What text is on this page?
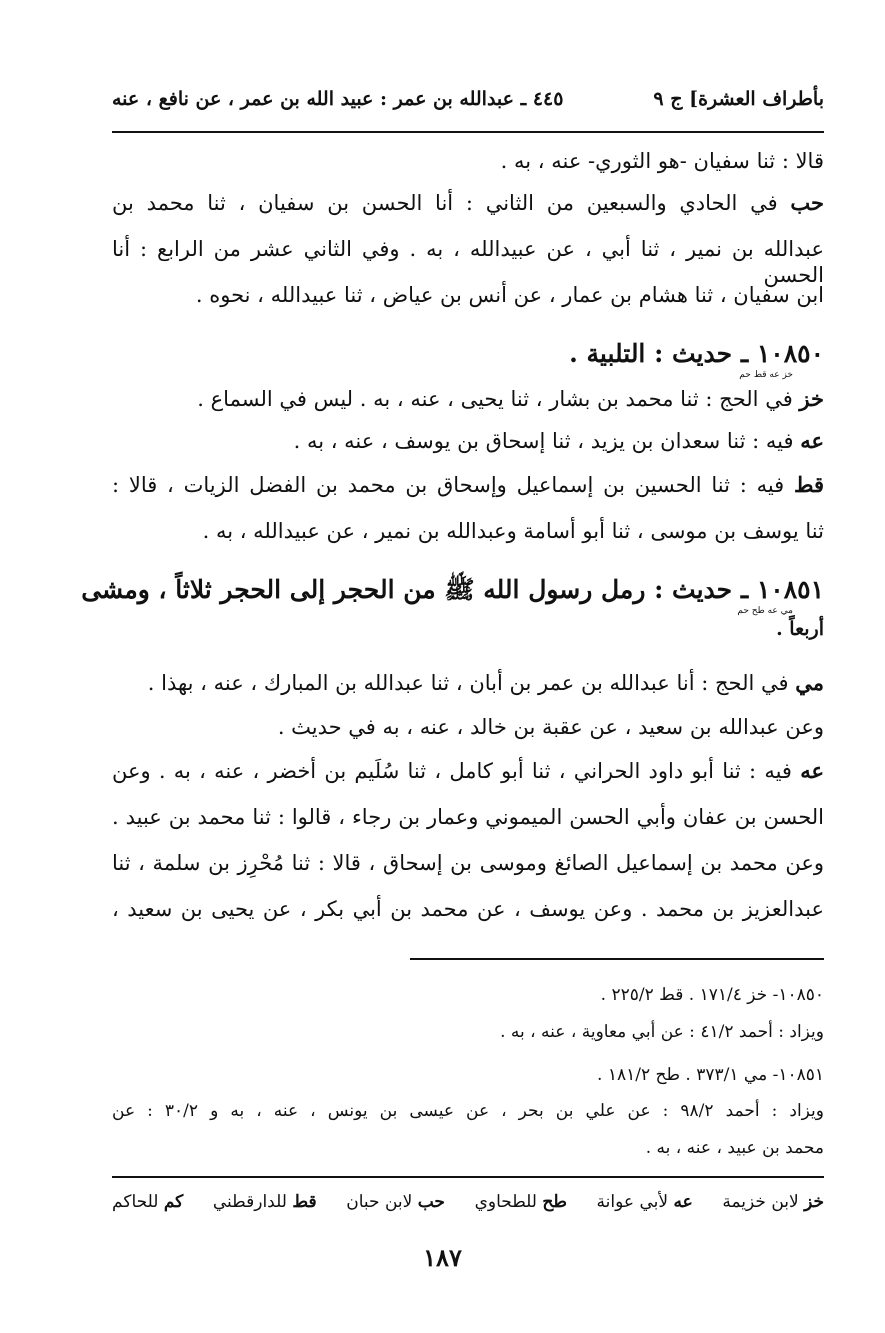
بأطراف العشرة] ج ٩
٤٤٥ ـ عبدالله بن عمر : عبيد الله بن عمر ، عن نافع ، عنه
قالا : ثنا سفيان -هو الثوري- عنه ، به .
حب في الحادي والسبعين من الثاني : أنا الحسن بن سفيان ، ثنا محمد بن
عبدالله بن نمير ، ثنا أبي ، عن عبيدالله ، به . وفي الثاني عشر من الرابع : أنا الحسن
ابن سفيان ، ثنا هشام بن عمار ، عن أنس بن عياض ، ثنا عبيدالله ، نحوه .
١٠٨٥٠ ـ حديث : التلبية .
خز عه قط حم
خز في الحج : ثنا محمد بن بشار ، ثنا يحيى ، عنه ، به . ليس في السماع .
عه فيه : ثنا سعدان بن يزيد ، ثنا إسحاق بن يوسف ، عنه ، به .
قط فيه : ثنا الحسين بن إسماعيل وإسحاق بن محمد بن الفضل الزيات ، قالا :
ثنا يوسف بن موسى ، ثنا أبو أسامة وعبدالله بن نمير ، عن عبيدالله ، به .
١٠٨٥١ ـ حديث : رمل رسول الله ﷺ من الحجر إلى الحجر ثلاثاً ، ومشى
مي عه طح حم
أربعاً .
مي في الحج : أنا عبدالله بن عمر بن أبان ، ثنا عبدالله بن المبارك ، عنه ، بهذا .
وعن عبدالله بن سعيد ، عن عقبة بن خالد ، عنه ، به في حديث .
عه فيه : ثنا أبو داود الحراني ، ثنا أبو كامل ، ثنا سُلَيم بن أخضر ، عنه ، به . وعن
الحسن بن عفان وأبي الحسن الميموني وعمار بن رجاء ، قالوا : ثنا محمد بن عبيد .
وعن محمد بن إسماعيل الصائغ وموسى بن إسحاق ، قالا : ثنا مُحْرِز بن سلمة ، ثنا
عبدالعزيز بن محمد . وعن يوسف ، عن محمد بن أبي بكر ، عن يحيى بن سعيد ،
١٠٨٥٠- خز ١٧١/٤ . قط ٢٢٥/٢ .
ويزاد : أحمد ٤١/٢ : عن أبي معاوية ، عنه ، به .
١٠٨٥١- مي ٣٧٣/١ . طح ١٨١/٢ .
ويزاد : أحمد ٩٨/٢ : عن علي بن بحر ، عن عيسى بن يونس ، عنه ، به و ٣٠/٢ : عن
محمد بن عبيد ، عنه ، به .
خز لابن خزيمة
عه لأبي عوانة
طح للطحاوي
حب لابن حبان
قط للدارقطني
كم للحاكم
١٨٧
